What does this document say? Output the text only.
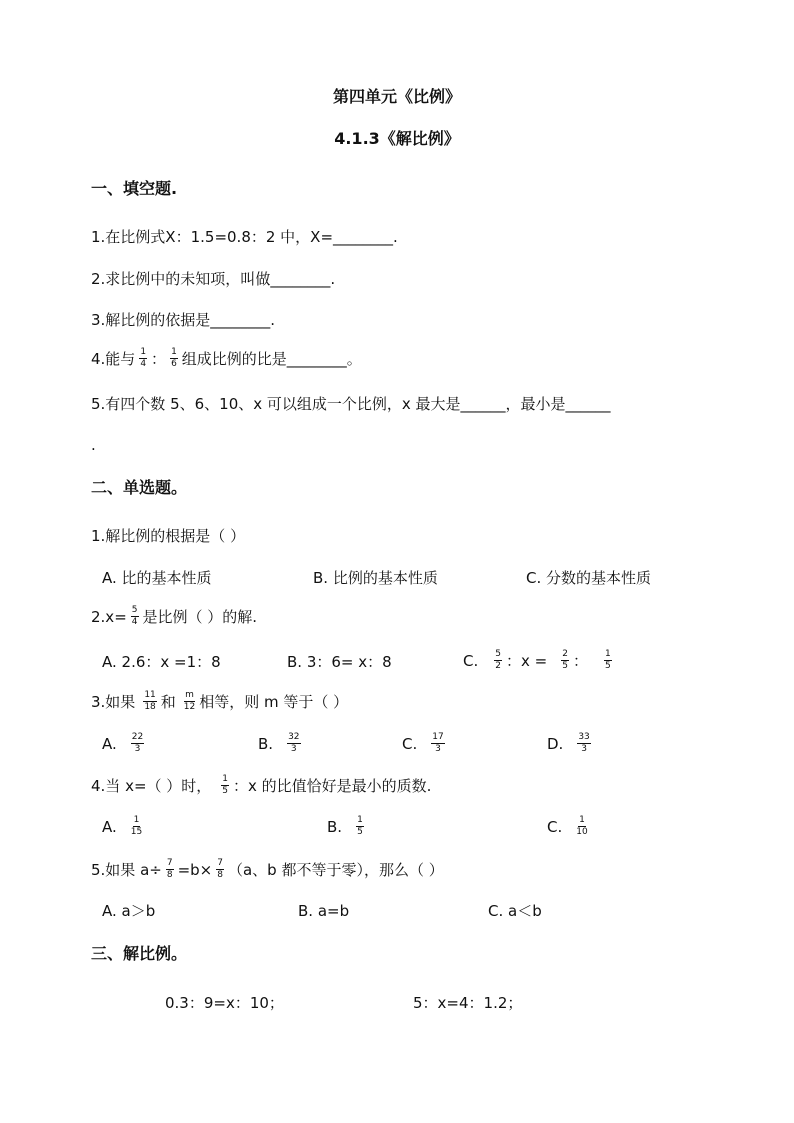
第四单元《比例》
4.1.3《解比例》
一、填空题.
1.在比例式X：1.5=0.8：2 中，X=________.
2.求比例中的未知项，叫做________.
3.解比例的依据是________.
4.能与 $\frac{1}{4}$ ： $\frac{1}{6}$ 组成比例的比是________。
5.有四个数 5、6、10、x 可以组成一个比例，x 最大是______，最小是______
.
二、单选题。
1.解比例的根据是（ ）
A. 比的基本性质	B. 比例的基本性质	C. 分数的基本性质
$2.x= \frac{5}{4}$ 是比例（ ）的解.
A. 2.6：x =1：8	B. 3：6= x：8	C. $\frac{5}{2}$ ：$x = \frac{2}{5}$ ： $\frac{1}{5}$
3.如果 $\frac{11}{18}$ 和 $\frac{m}{12}$ 相等，则 m 等于（ ）
A. $\frac{22}{3}$	B. $\frac{32}{3}$	C. $\frac{17}{3}$	D. $\frac{33}{3}$
4.当 x=（ ）时， $\frac{1}{5}$ ：x 的比值恰好是最小的质数.
A. $\frac{1}{15}$	B. $\frac{1}{5}$	C. $\frac{1}{10}$
5.如果 $a\div \frac{7}{8} =b\times \frac{7}{8} (a$、b 都不等于零），那么（ ）
A. a＞b	B. a=b	C. a＜b
三、解比例。
0.3：9=x：10；	5：x=4：1.2；
